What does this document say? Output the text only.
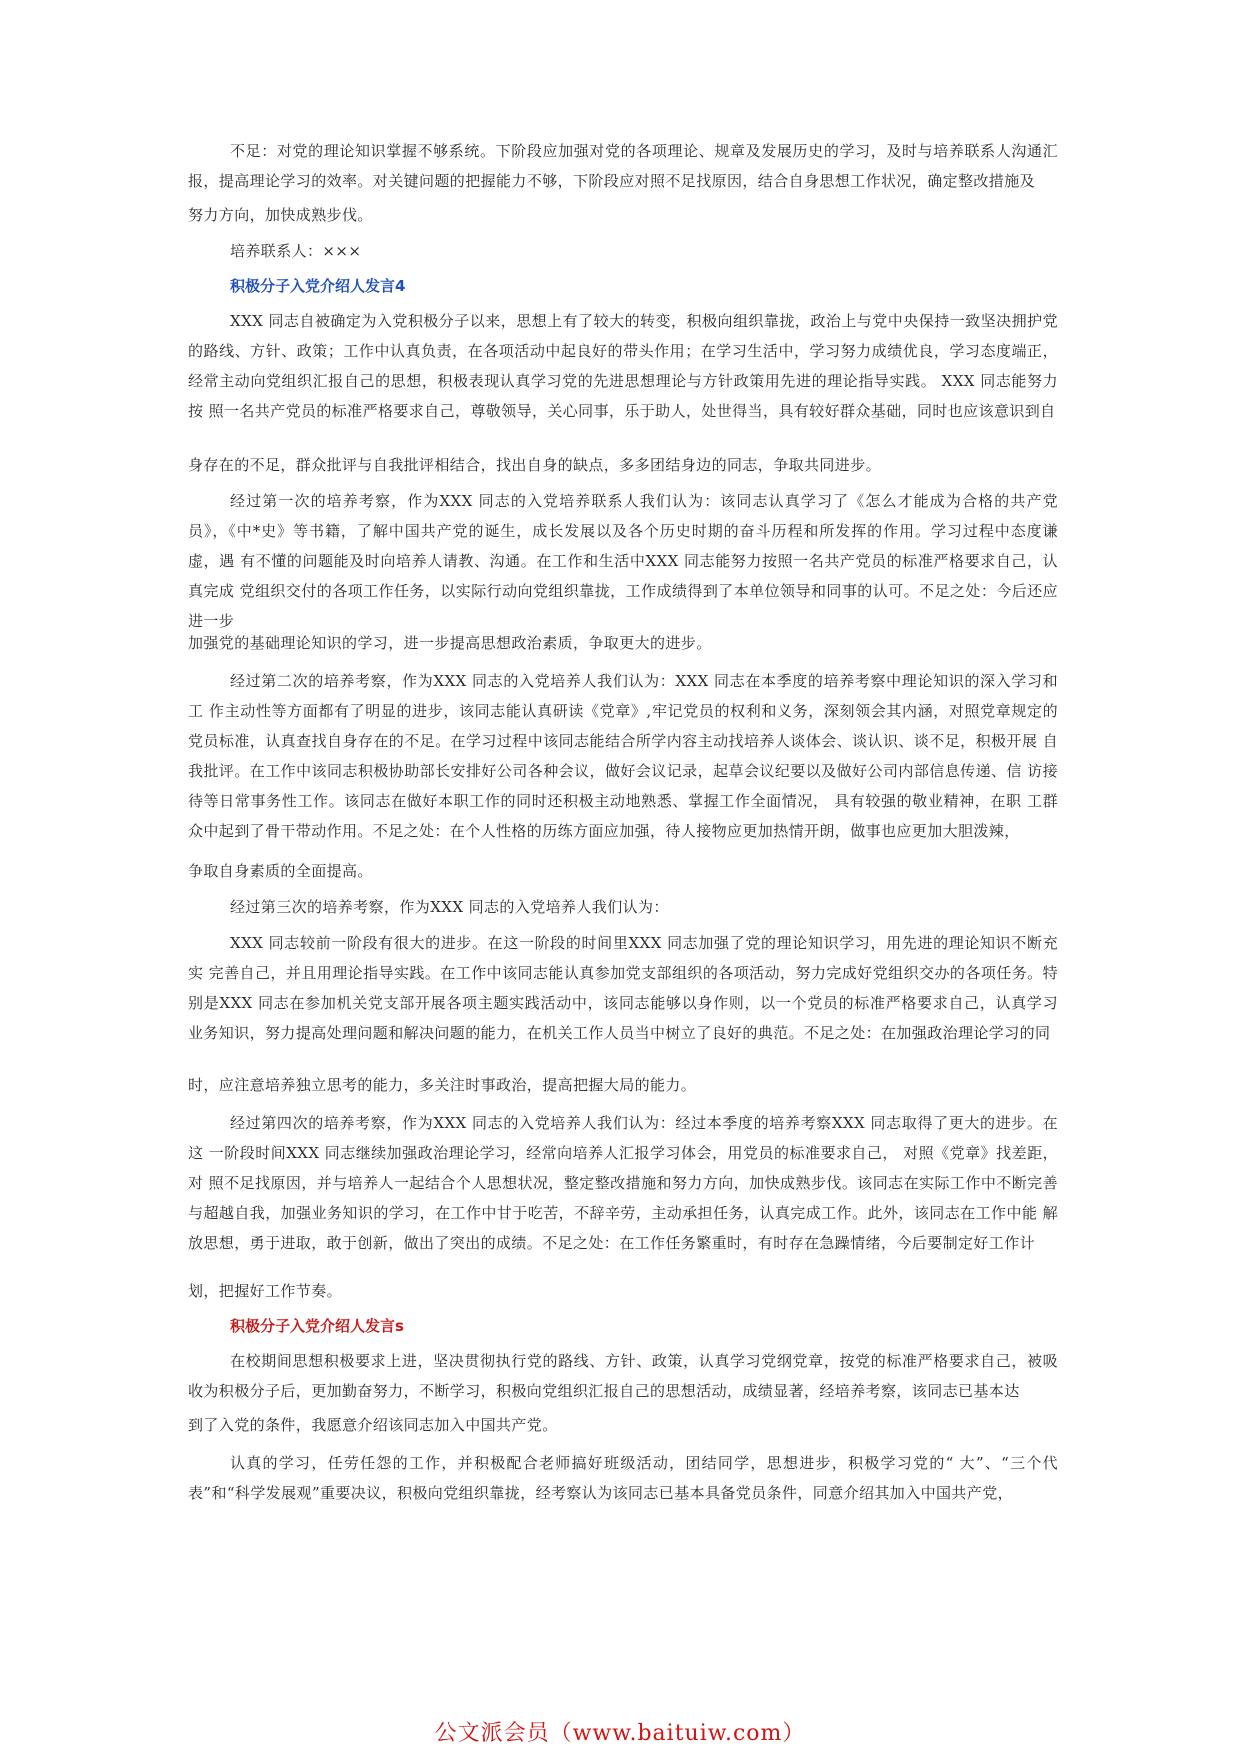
不足：对党的理论知识掌握不够系统。下阶段应加强对党的各项理论、规章及发展历史的学习，及时与培养联系人沟通汇报，提高理论学习的效率。对关键问题的把握能力不够，下阶段应对照不足找原因，结合自身思想工作状况，确定整改措施及

努力方向，加快成熟步伐。

培养联系人：×××

积极分子入党介绍人发言4

XXX 同志自被确定为入党积极分子以来，思想上有了较大的转变，积极向组织靠拢，政治上与党中央保持一致坚决拥护党 的路线、方针、政策；工作中认真负责，在各项活动中起良好的带头作用；在学习生活中，学习努力成绩优良，学习态度端正， 经常主动向党组织汇报自己的思想，积极表现认真学习党的先进思想理论与方针政策用先进的理论指导实践。 XXX 同志能努力按 照一名共产党员的标准严格要求自己，尊敬领导，关心同事，乐于助人，处世得当，具有较好群众基础，同时也应该意识到自

身存在的不足，群众批评与自我批评相结合，找出自身的缺点，多多团结身边的同志，争取共同进步。

经过第一次的培养考察，作为XXX 同志的入党培养联系人我们认为：该同志认真学习了《怎么才能成为合格的共产党员》，《中*史》等书籍，了解中国共产党的诞生，成长发展以及各个历史时期的奋斗历程和所发挥的作用。学习过程中态度谦虚，遇 有不懂的问题能及时向培养人请教、沟通。在工作和生活中XXX 同志能努力按照一名共产党员的标准严格要求自己，认真完成 党组织交付的各项工作任务，以实际行动向党组织靠拢，工作成绩得到了本单位领导和同事的认可。不足之处：今后还应进一步

加强党的基础理论知识的学习，进一步提高思想政治素质，争取更大的进步。

经过第二次的培养考察，作为XXX 同志的入党培养人我们认为：XXX 同志在本季度的培养考察中理论知识的深入学习和工 作主动性等方面都有了明显的进步，该同志能认真研读《党章》,牢记党员的权利和义务，深刻领会其内涵，对照党章规定的 党员标准，认真查找自身存在的不足。在学习过程中该同志能结合所学内容主动找培养人谈体会、谈认识、谈不足，积极开展 自我批评。在工作中该同志积极协助部长安排好公司各种会议，做好会议记录，起草会议纪要以及做好公司内部信息传递、信 访接待等日常事务性工作。该同志在做好本职工作的同时还积极主动地熟悉、掌握工作全面情况， 具有较强的敬业精神，在职 工群众中起到了骨干带动作用。不足之处：在个人性格的历练方面应加强，待人接物应更加热情开朗，做事也应更加大胆泼辣，

争取自身素质的全面提高。

经过第三次的培养考察，作为XXX 同志的入党培养人我们认为：

XXX 同志较前一阶段有很大的进步。在这一阶段的时间里XXX 同志加强了党的理论知识学习，用先进的理论知识不断充实 完善自己，并且用理论指导实践。在工作中该同志能认真参加党支部组织的各项活动，努力完成好党组织交办的各项任务。特 别是XXX 同志在参加机关党支部开展各项主题实践活动中，该同志能够以身作则，以一个党员的标准严格要求自己，认真学习 业务知识，努力提高处理问题和解决问题的能力，在机关工作人员当中树立了良好的典范。不足之处：在加强政治理论学习的同

时，应注意培养独立思考的能力，多关注时事政治，提高把握大局的能力。

经过第四次的培养考察，作为XXX 同志的入党培养人我们认为：经过本季度的培养考察XXX 同志取得了更大的进步。在这 一阶段时间XXX 同志继续加强政治理论学习，经常向培养人汇报学习体会，用党员的标准要求自己， 对照《党章》找差距，对 照不足找原因，并与培养人一起结合个人思想状况，整定整改措施和努力方向，加快成熟步伐。该同志在实际工作中不断完善 与超越自我，加强业务知识的学习，在工作中甘于吃苦，不辞辛劳，主动承担任务，认真完成工作。此外，该同志在工作中能 解放思想，勇于进取，敢于创新，做出了突出的成绩。不足之处：在工作任务繁重时，有时存在急躁情绪，今后要制定好工作计

划，把握好工作节奏。

积极分子入党介绍人发言s

在校期间思想积极要求上进，坚决贯彻执行党的路线、方针、政策，认真学习党纲党章，按党的标准严格要求自己，被吸收为积极分子后，更加勤奋努力，不断学习，积极向党组织汇报自己的思想活动，成绩显著，经培养考察，该同志已基本达

到了入党的条件，我愿意介绍该同志加入中国共产党。

认真的学习，任劳任怨的工作，并积极配合老师搞好班级活动，团结同学，思想进步，积极学习党的“ 大”、“三个代表”和“科学发展观”重要决议，积极向党组织靠拢，经考察认为该同志已基本具备党员条件，同意介绍其加入中国共产党，

公文派会员（www.baituiw.com）
